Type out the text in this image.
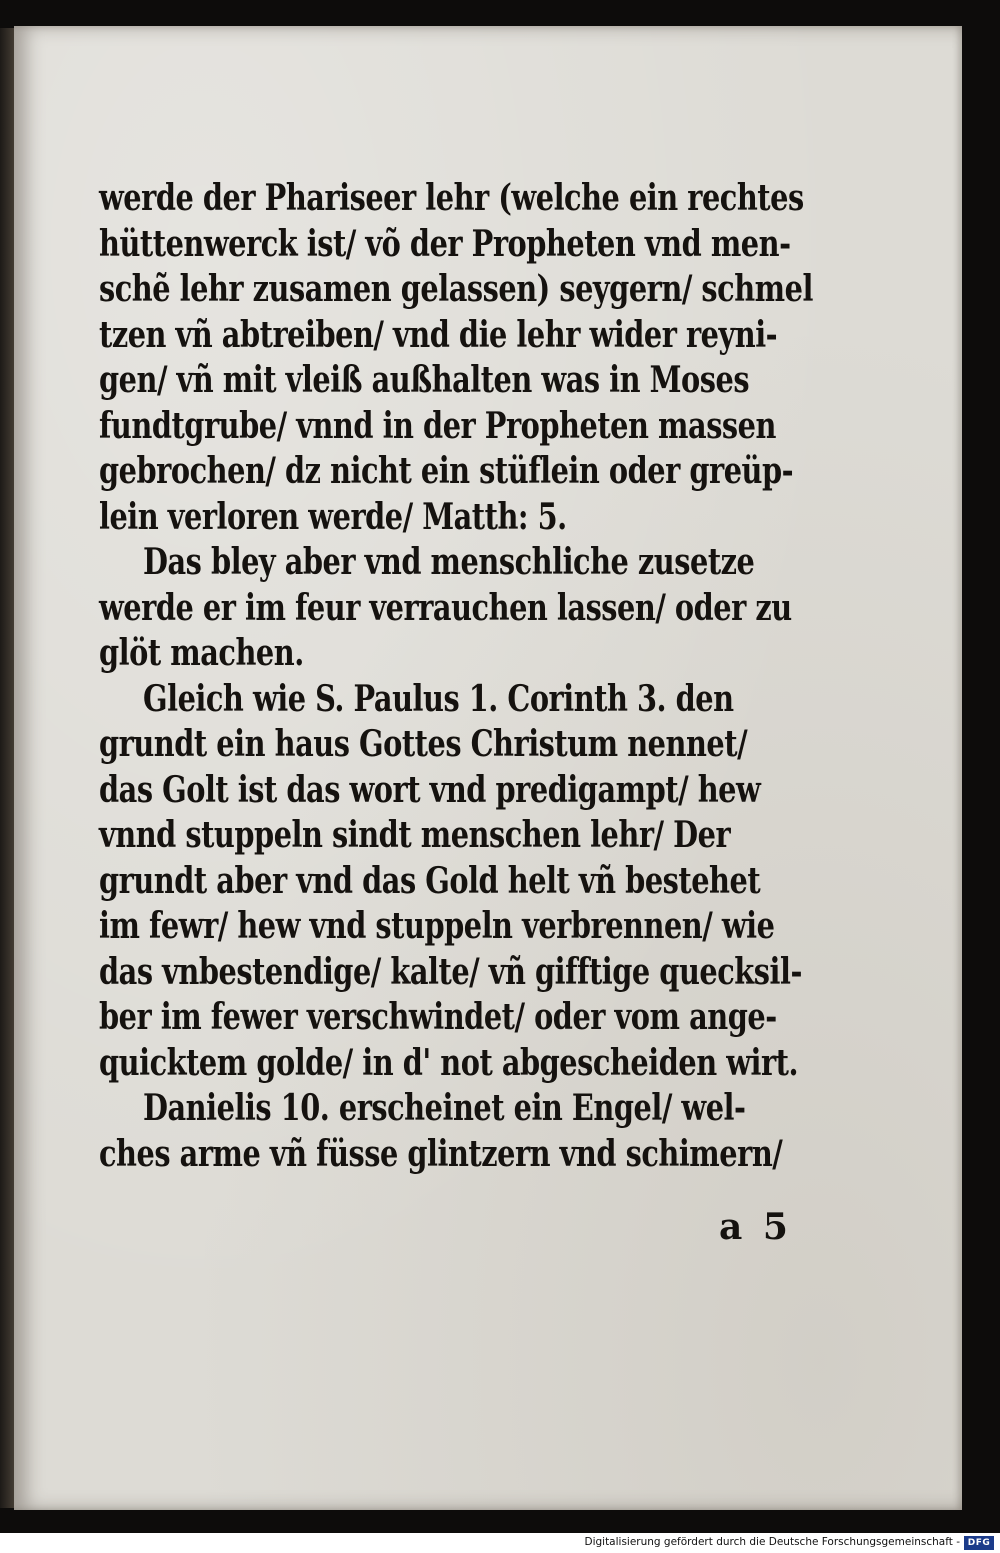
werde der Phariseer lehr (welche ein rechtes
hüttenwerck ist/ võ der Propheten vnd men-
schẽ lehr zusamen gelassen) seygern/ schmel
tzen vñ abtreiben/ vnd die lehr wider reyni-
gen/ vñ mit vleiß außhalten was in Moses
fundtgrube/ vnnd in der Propheten massen
gebrochen/ dz nicht ein stüflein oder greüp-
lein verloren werde/ Matth: 5.
Das bley aber vnd menschliche zusetze
werde er im feur verrauchen lassen/ oder zu
glöt machen.
Gleich wie S. Paulus 1. Corinth 3. den
grundt ein haus Gottes Christum nennet/
das Golt ist das wort vnd predigampt/ hew
vnnd stuppeln sindt menschen lehr/ Der
grundt aber vnd das Gold helt vñ bestehet
im fewr/ hew vnd stuppeln verbrennen/ wie
das vnbestendige/ kalte/ vñ gifftige quecksil-
ber im fewer verschwindet/ oder vom ange-
quicktem golde/ in d' not abgescheiden wirt.
Danielis 10. erscheinet ein Engel/ wel-
ches arme vñ füsse glintzern vnd schimern/
a 5
Digitalisierung gefördert durch die Deutsche Forschungsgemeinschaft - DFG
